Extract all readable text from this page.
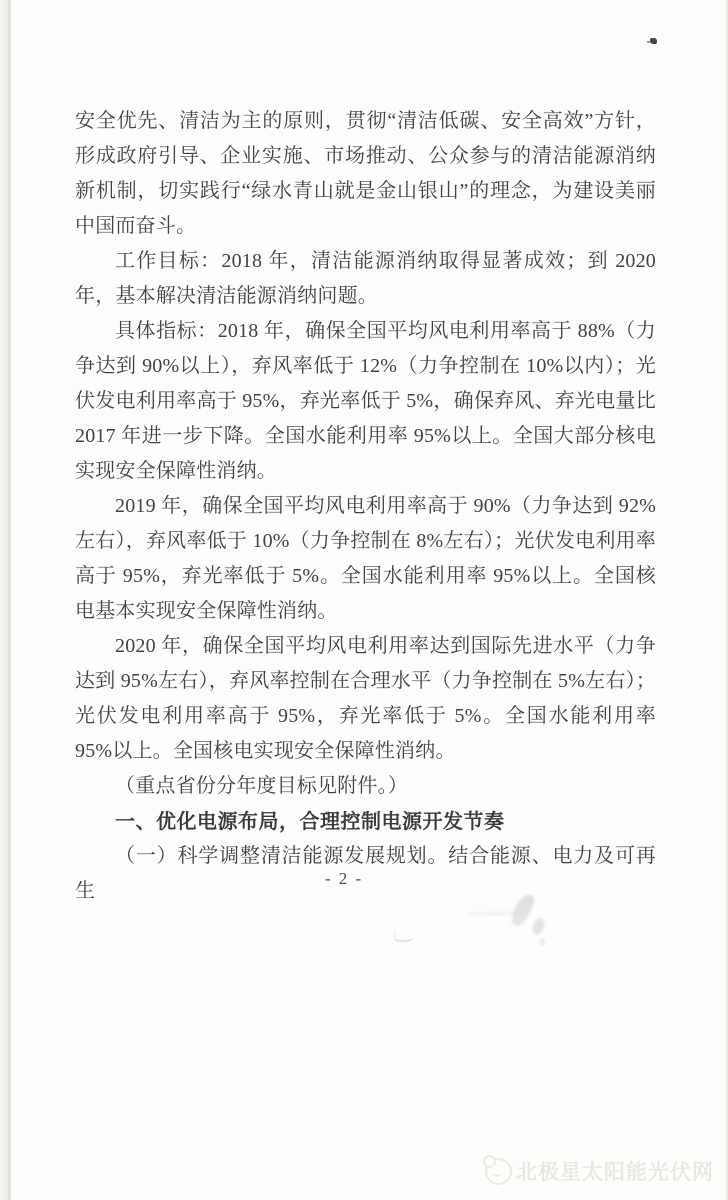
安全优先、清洁为主的原则，贯彻“清洁低碳、安全高效”方针，形成政府引导、企业实施、市场推动、公众参与的清洁能源消纳新机制，切实践行“绿水青山就是金山银山”的理念，为建设美丽中国而奋斗。

工作目标：2018 年，清洁能源消纳取得显著成效；到 2020 年，基本解决清洁能源消纳问题。

具体指标：2018 年，确保全国平均风电利用率高于 88%（力争达到 90%以上），弃风率低于 12%（力争控制在 10%以内）；光伏发电利用率高于 95%，弃光率低于 5%，确保弃风、弃光电量比 2017 年进一步下降。全国水能利用率 95%以上。全国大部分核电实现安全保障性消纳。

2019 年，确保全国平均风电利用率高于 90%（力争达到 92%左右），弃风率低于 10%（力争控制在 8%左右）；光伏发电利用率高于 95%，弃光率低于 5%。全国水能利用率 95%以上。全国核电基本实现安全保障性消纳。

2020 年，确保全国平均风电利用率达到国际先进水平（力争达到 95%左右），弃风率控制在合理水平（力争控制在 5%左右）；光伏发电利用率高于 95%，弃光率低于 5%。全国水能利用率 95%以上。全国核电实现安全保障性消纳。

（重点省份分年度目标见附件。）

一、优化电源布局，合理控制电源开发节奏

（一）科学调整清洁能源发展规划。结合能源、电力及可再生

- 2 -
北极星太阳能光伏网
